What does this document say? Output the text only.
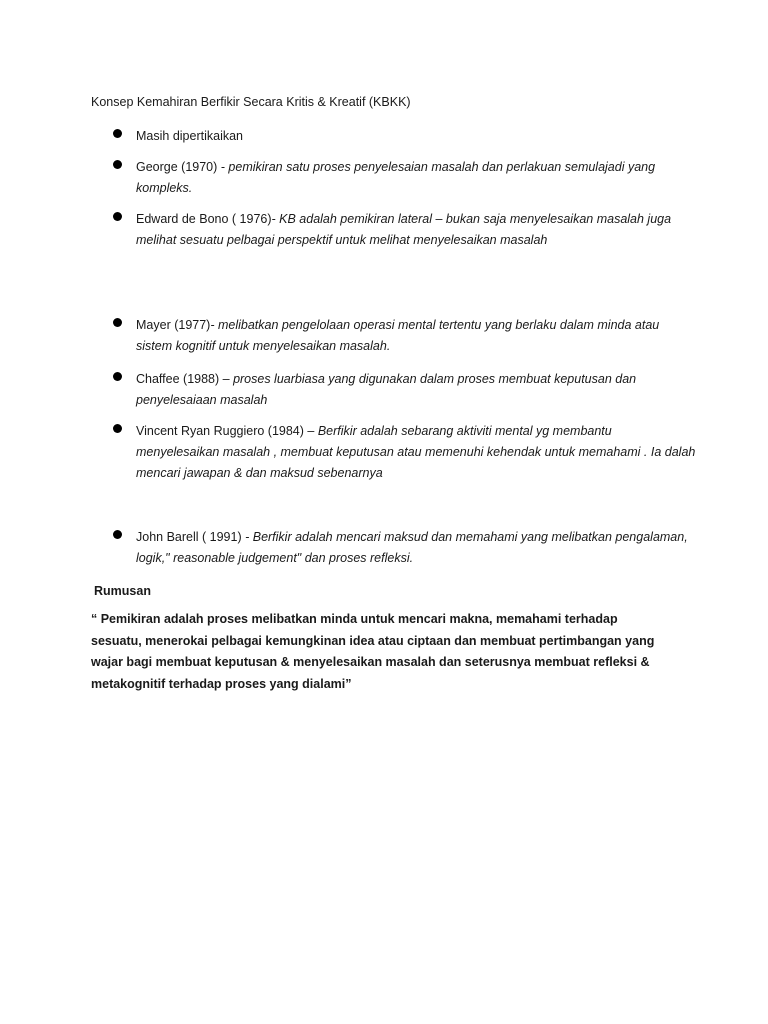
Konsep Kemahiran Berfikir Secara Kritis & Kreatif (KBKK)
Masih dipertikaikan
George (1970) - pemikiran satu proses penyelesaian masalah dan perlakuan semulajadi yang kompleks.
Edward de Bono ( 1976)- KB adalah pemikiran lateral – bukan saja menyelesaikan masalah juga melihat sesuatu pelbagai perspektif untuk melihat menyelesaikan masalah
Mayer (1977)- melibatkan pengelolaan operasi mental tertentu yang berlaku dalam minda atau sistem kognitif untuk menyelesaikan masalah.
Chaffee (1988) – proses luarbiasa yang digunakan dalam proses membuat keputusan dan penyelesaiaan masalah
Vincent Ryan Ruggiero (1984) – Berfikir adalah sebarang aktiviti mental yg membantu menyelesaikan masalah , membuat keputusan atau memenuhi kehendak untuk memahami . Ia dalah mencari jawapan & dan maksud sebenarnya
John Barell ( 1991) - Berfikir adalah mencari maksud dan memahami yang melibatkan pengalaman, logik," reasonable judgement" dan proses refleksi.
Rumusan
“ Pemikiran adalah proses melibatkan minda untuk mencari makna, memahami terhadap sesuatu, menerokai pelbagai kemungkinan idea atau ciptaan dan membuat pertimbangan yang wajar bagi membuat keputusan & menyelesaikan masalah dan seterusnya membuat refleksi & metakognitif terhadap proses yang dialami”
